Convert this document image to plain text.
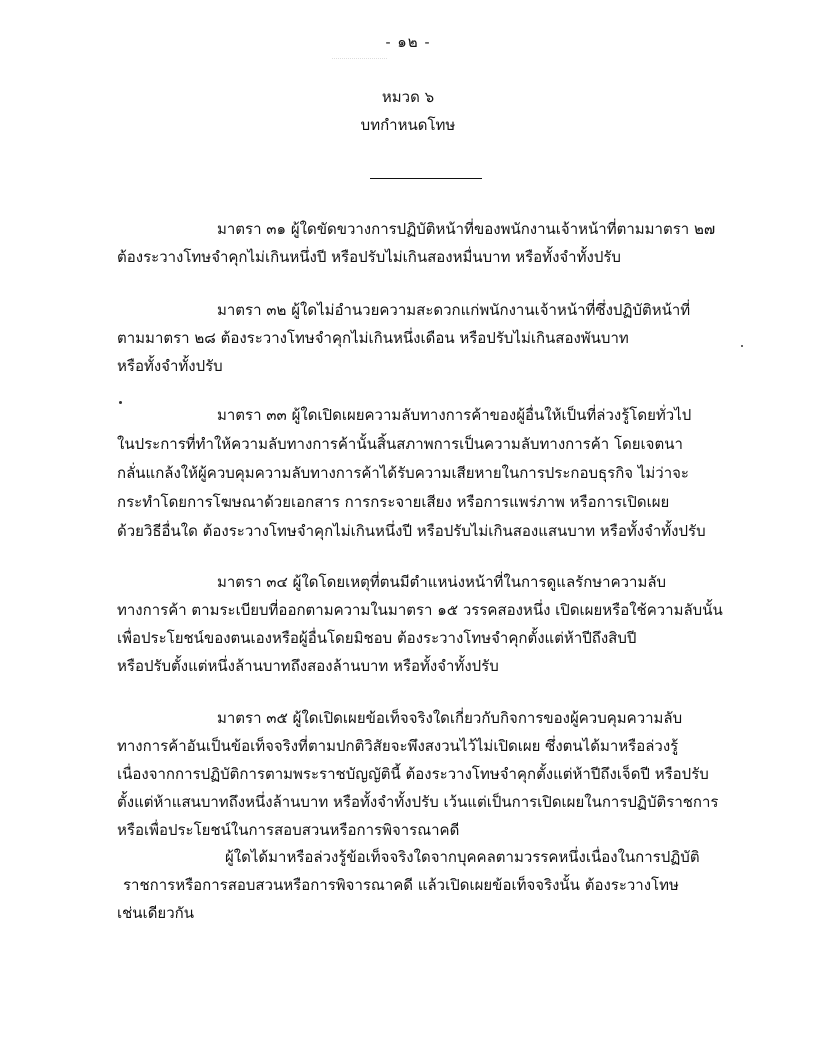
- ๑๒ -
หมวด ๖
บทกำหนดโทษ
มาตรา ๓๑ ผู้ใดขัดขวางการปฏิบัติหน้าที่ของพนักงานเจ้าหน้าที่ตามมาตรา ๒๗
ต้องระวางโทษจำคุกไม่เกินหนึ่งปี หรือปรับไม่เกินสองหมื่นบาท หรือทั้งจำทั้งปรับ
มาตรา ๓๒ ผู้ใดไม่อำนวยความสะดวกแก่พนักงานเจ้าหน้าที่ซึ่งปฏิบัติหน้าที่
ตามมาตรา ๒๘ ต้องระวางโทษจำคุกไม่เกินหนึ่งเดือน หรือปรับไม่เกินสองพันบาท
หรือทั้งจำทั้งปรับ
มาตรา ๓๓ ผู้ใดเปิดเผยความลับทางการค้าของผู้อื่นให้เป็นที่ล่วงรู้โดยทั่วไป
ในประการที่ทำให้ความลับทางการค้านั้นสิ้นสภาพการเป็นความลับทางการค้า โดยเจตนา
กลั่นแกล้งให้ผู้ควบคุมความลับทางการค้าได้รับความเสียหายในการประกอบธุรกิจ ไม่ว่าจะ
กระทำโดยการโฆษณาด้วยเอกสาร การกระจายเสียง หรือการแพร่ภาพ หรือการเปิดเผย
ด้วยวิธีอื่นใด ต้องระวางโทษจำคุกไม่เกินหนึ่งปี หรือปรับไม่เกินสองแสนบาท หรือทั้งจำทั้งปรับ
มาตรา ๓๔ ผู้ใดโดยเหตุที่ตนมีตำแหน่งหน้าที่ในการดูแลรักษาความลับ
ทางการค้า ตามระเบียบที่ออกตามความในมาตรา ๑๕ วรรคสองหนึ่ง เปิดเผยหรือใช้ความลับนั้น
เพื่อประโยชน์ของตนเองหรือผู้อื่นโดยมิชอบ ต้องระวางโทษจำคุกตั้งแต่ห้าปีถึงสิบปี
หรือปรับตั้งแต่หนึ่งล้านบาทถึงสองล้านบาท หรือทั้งจำทั้งปรับ
มาตรา ๓๕ ผู้ใดเปิดเผยข้อเท็จจริงใดเกี่ยวกับกิจการของผู้ควบคุมความลับ
ทางการค้าอันเป็นข้อเท็จจริงที่ตามปกติวิสัยจะพึงสงวนไว้ไม่เปิดเผย ซึ่งตนได้มาหรือล่วงรู้
เนื่องจากการปฏิบัติการตามพระราชบัญญัตินี้ ต้องระวางโทษจำคุกตั้งแต่ห้าปีถึงเจ็ดปี หรือปรับ
ตั้งแต่ห้าแสนบาทถึงหนึ่งล้านบาท หรือทั้งจำทั้งปรับ เว้นแต่เป็นการเปิดเผยในการปฏิบัติราชการ
หรือเพื่อประโยชน์ในการสอบสวนหรือการพิจารณาคดี
ผู้ใดได้มาหรือล่วงรู้ข้อเท็จจริงใดจากบุคคลตามวรรคหนึ่งเนื่องในการปฏิบัติ
ราชการหรือการสอบสวนหรือการพิจารณาคดี แล้วเปิดเผยข้อเท็จจริงนั้น ต้องระวางโทษ
เช่นเดียวกัน
